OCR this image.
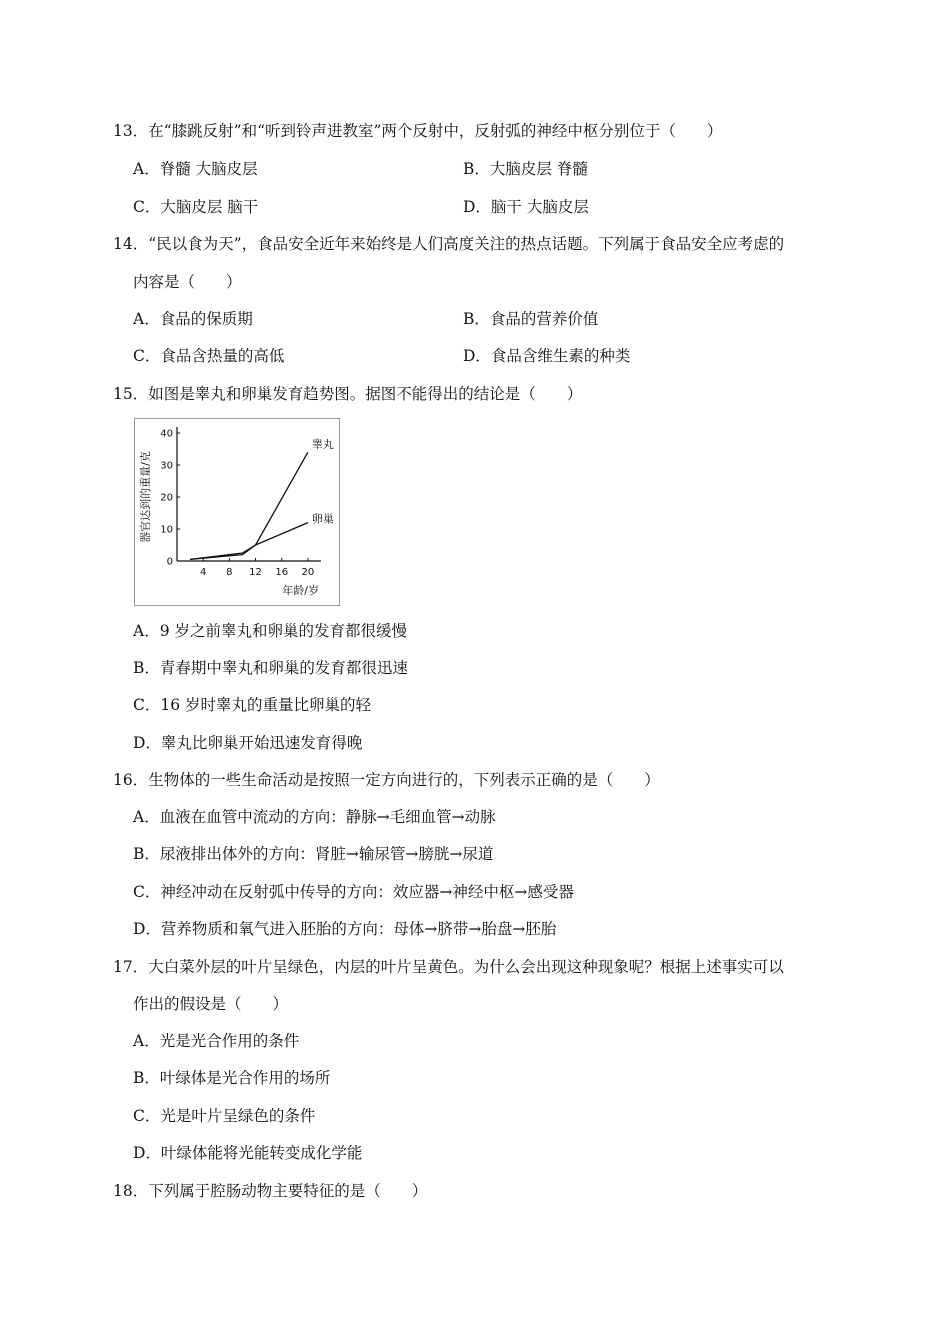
13．在“膝跳反射”和“听到铃声进教室”两个反射中，反射弧的神经中枢分别位于（　　）
A．脊髓 大脑皮层	B．大脑皮层 脊髓
C．大脑皮层 脑干	D．脑干 大脑皮层
14．“民以食为天”，食品安全近年来始终是人们高度关注的热点话题。下列属于食品安全应考虑的
内容是（　　）
A．食品的保质期	B．食品的营养价值
C．食品含热量的高低	D．食品含维生素的种类
15．如图是睾丸和卵巢发育趋势图。据图不能得出的结论是（　　）
0
10
20
30
40
4 8 12 16 20
睾丸
卵巢
器官达到的重量/克
年龄/岁
A．9 岁之前睾丸和卵巢的发育都很缓慢
B．青春期中睾丸和卵巢的发育都很迅速
C．16 岁时睾丸的重量比卵巢的轻
D．睾丸比卵巢开始迅速发育得晚
16．生物体的一些生命活动是按照一定方向进行的，下列表示正确的是（　　）
A．血液在血管中流动的方向：静脉→毛细血管→动脉
B．尿液排出体外的方向：肾脏→输尿管→膀胱→尿道
C．神经冲动在反射弧中传导的方向：效应器→神经中枢→感受器
D．营养物质和氧气进入胚胎的方向：母体→脐带→胎盘→胚胎
17．大白菜外层的叶片呈绿色，内层的叶片呈黄色。为什么会出现这种现象呢？根据上述事实可以
作出的假设是（　　）
A．光是光合作用的条件
B．叶绿体是光合作用的场所
C．光是叶片呈绿色的条件
D．叶绿体能将光能转变成化学能
18．下列属于腔肠动物主要特征的是（　　）
